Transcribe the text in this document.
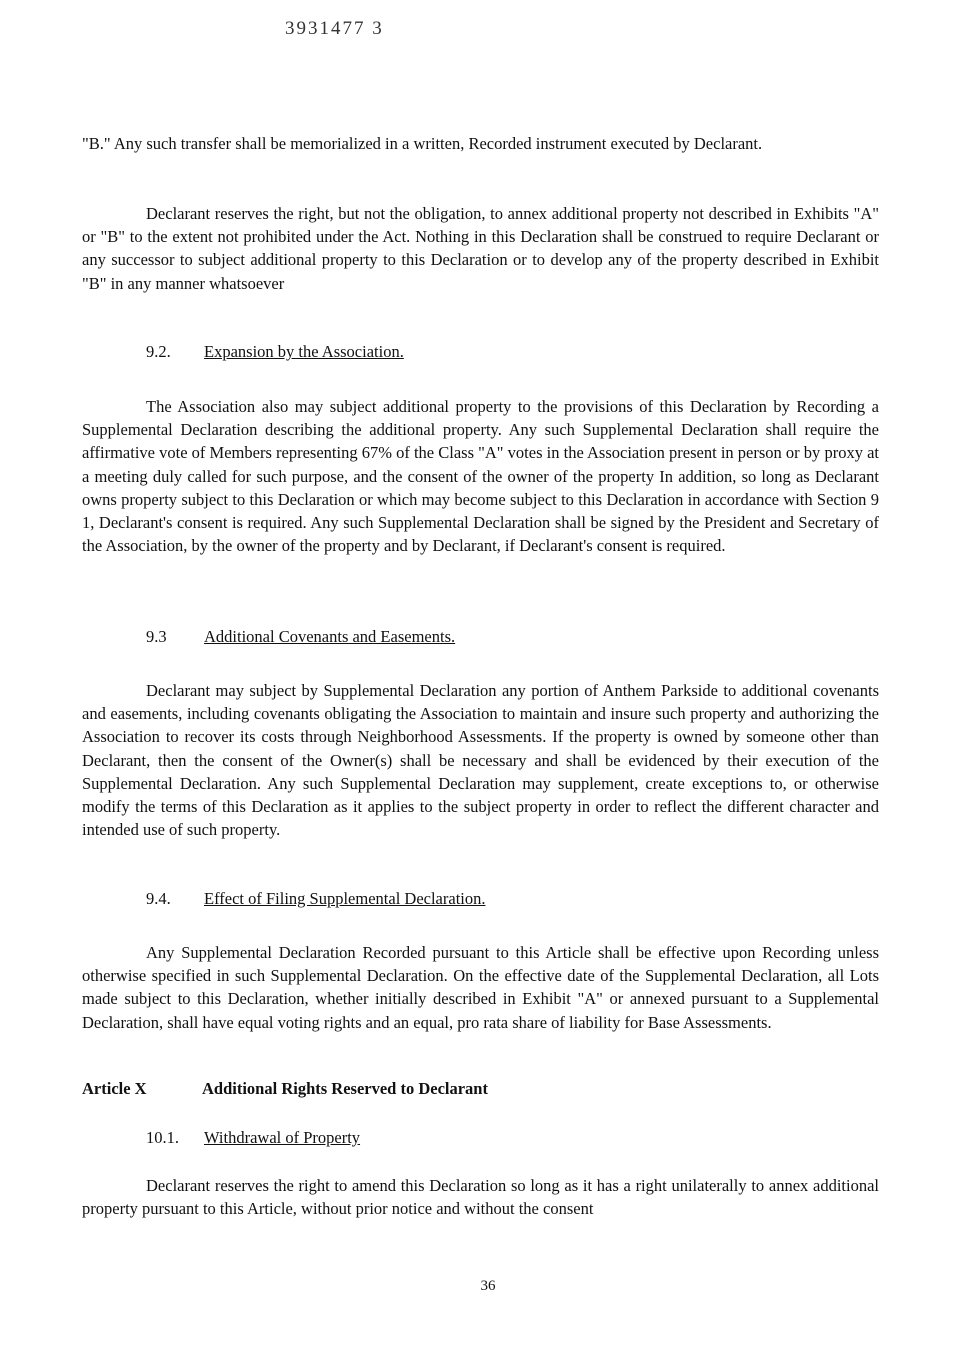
3931477 3

"B." Any such transfer shall be memorialized in a written, Recorded instrument executed by Declarant.

Declarant reserves the right, but not the obligation, to annex additional property not described in Exhibits "A" or "B" to the extent not prohibited under the Act. Nothing in this Declaration shall be construed to require Declarant or any successor to subject additional property to this Declaration or to develop any of the property described in Exhibit "B" in any manner whatsoever

9.2. Expansion by the Association.

The Association also may subject additional property to the provisions of this Declaration by Recording a Supplemental Declaration describing the additional property. Any such Supplemental Declaration shall require the affirmative vote of Members representing 67% of the Class "A" votes in the Association present in person or by proxy at a meeting duly called for such purpose, and the consent of the owner of the property In addition, so long as Declarant owns property subject to this Declaration or which may become subject to this Declaration in accordance with Section 9 1, Declarant's consent is required. Any such Supplemental Declaration shall be signed by the President and Secretary of the Association, by the owner of the property and by Declarant, if Declarant's consent is required.

9.3 Additional Covenants and Easements.

Declarant may subject by Supplemental Declaration any portion of Anthem Parkside to additional covenants and easements, including covenants obligating the Association to maintain and insure such property and authorizing the Association to recover its costs through Neighborhood Assessments. If the property is owned by someone other than Declarant, then the consent of the Owner(s) shall be necessary and shall be evidenced by their execution of the Supplemental Declaration. Any such Supplemental Declaration may supplement, create exceptions to, or otherwise modify the terms of this Declaration as it applies to the subject property in order to reflect the different character and intended use of such property.

9.4. Effect of Filing Supplemental Declaration.

Any Supplemental Declaration Recorded pursuant to this Article shall be effective upon Recording unless otherwise specified in such Supplemental Declaration. On the effective date of the Supplemental Declaration, all Lots made subject to this Declaration, whether initially described in Exhibit "A" or annexed pursuant to a Supplemental Declaration, shall have equal voting rights and an equal, pro rata share of liability for Base Assessments.

Article X	Additional Rights Reserved to Declarant
10.1. Withdrawal of Property

Declarant reserves the right to amend this Declaration so long as it has a right unilaterally to annex additional property pursuant to this Article, without prior notice and without the consent

36
